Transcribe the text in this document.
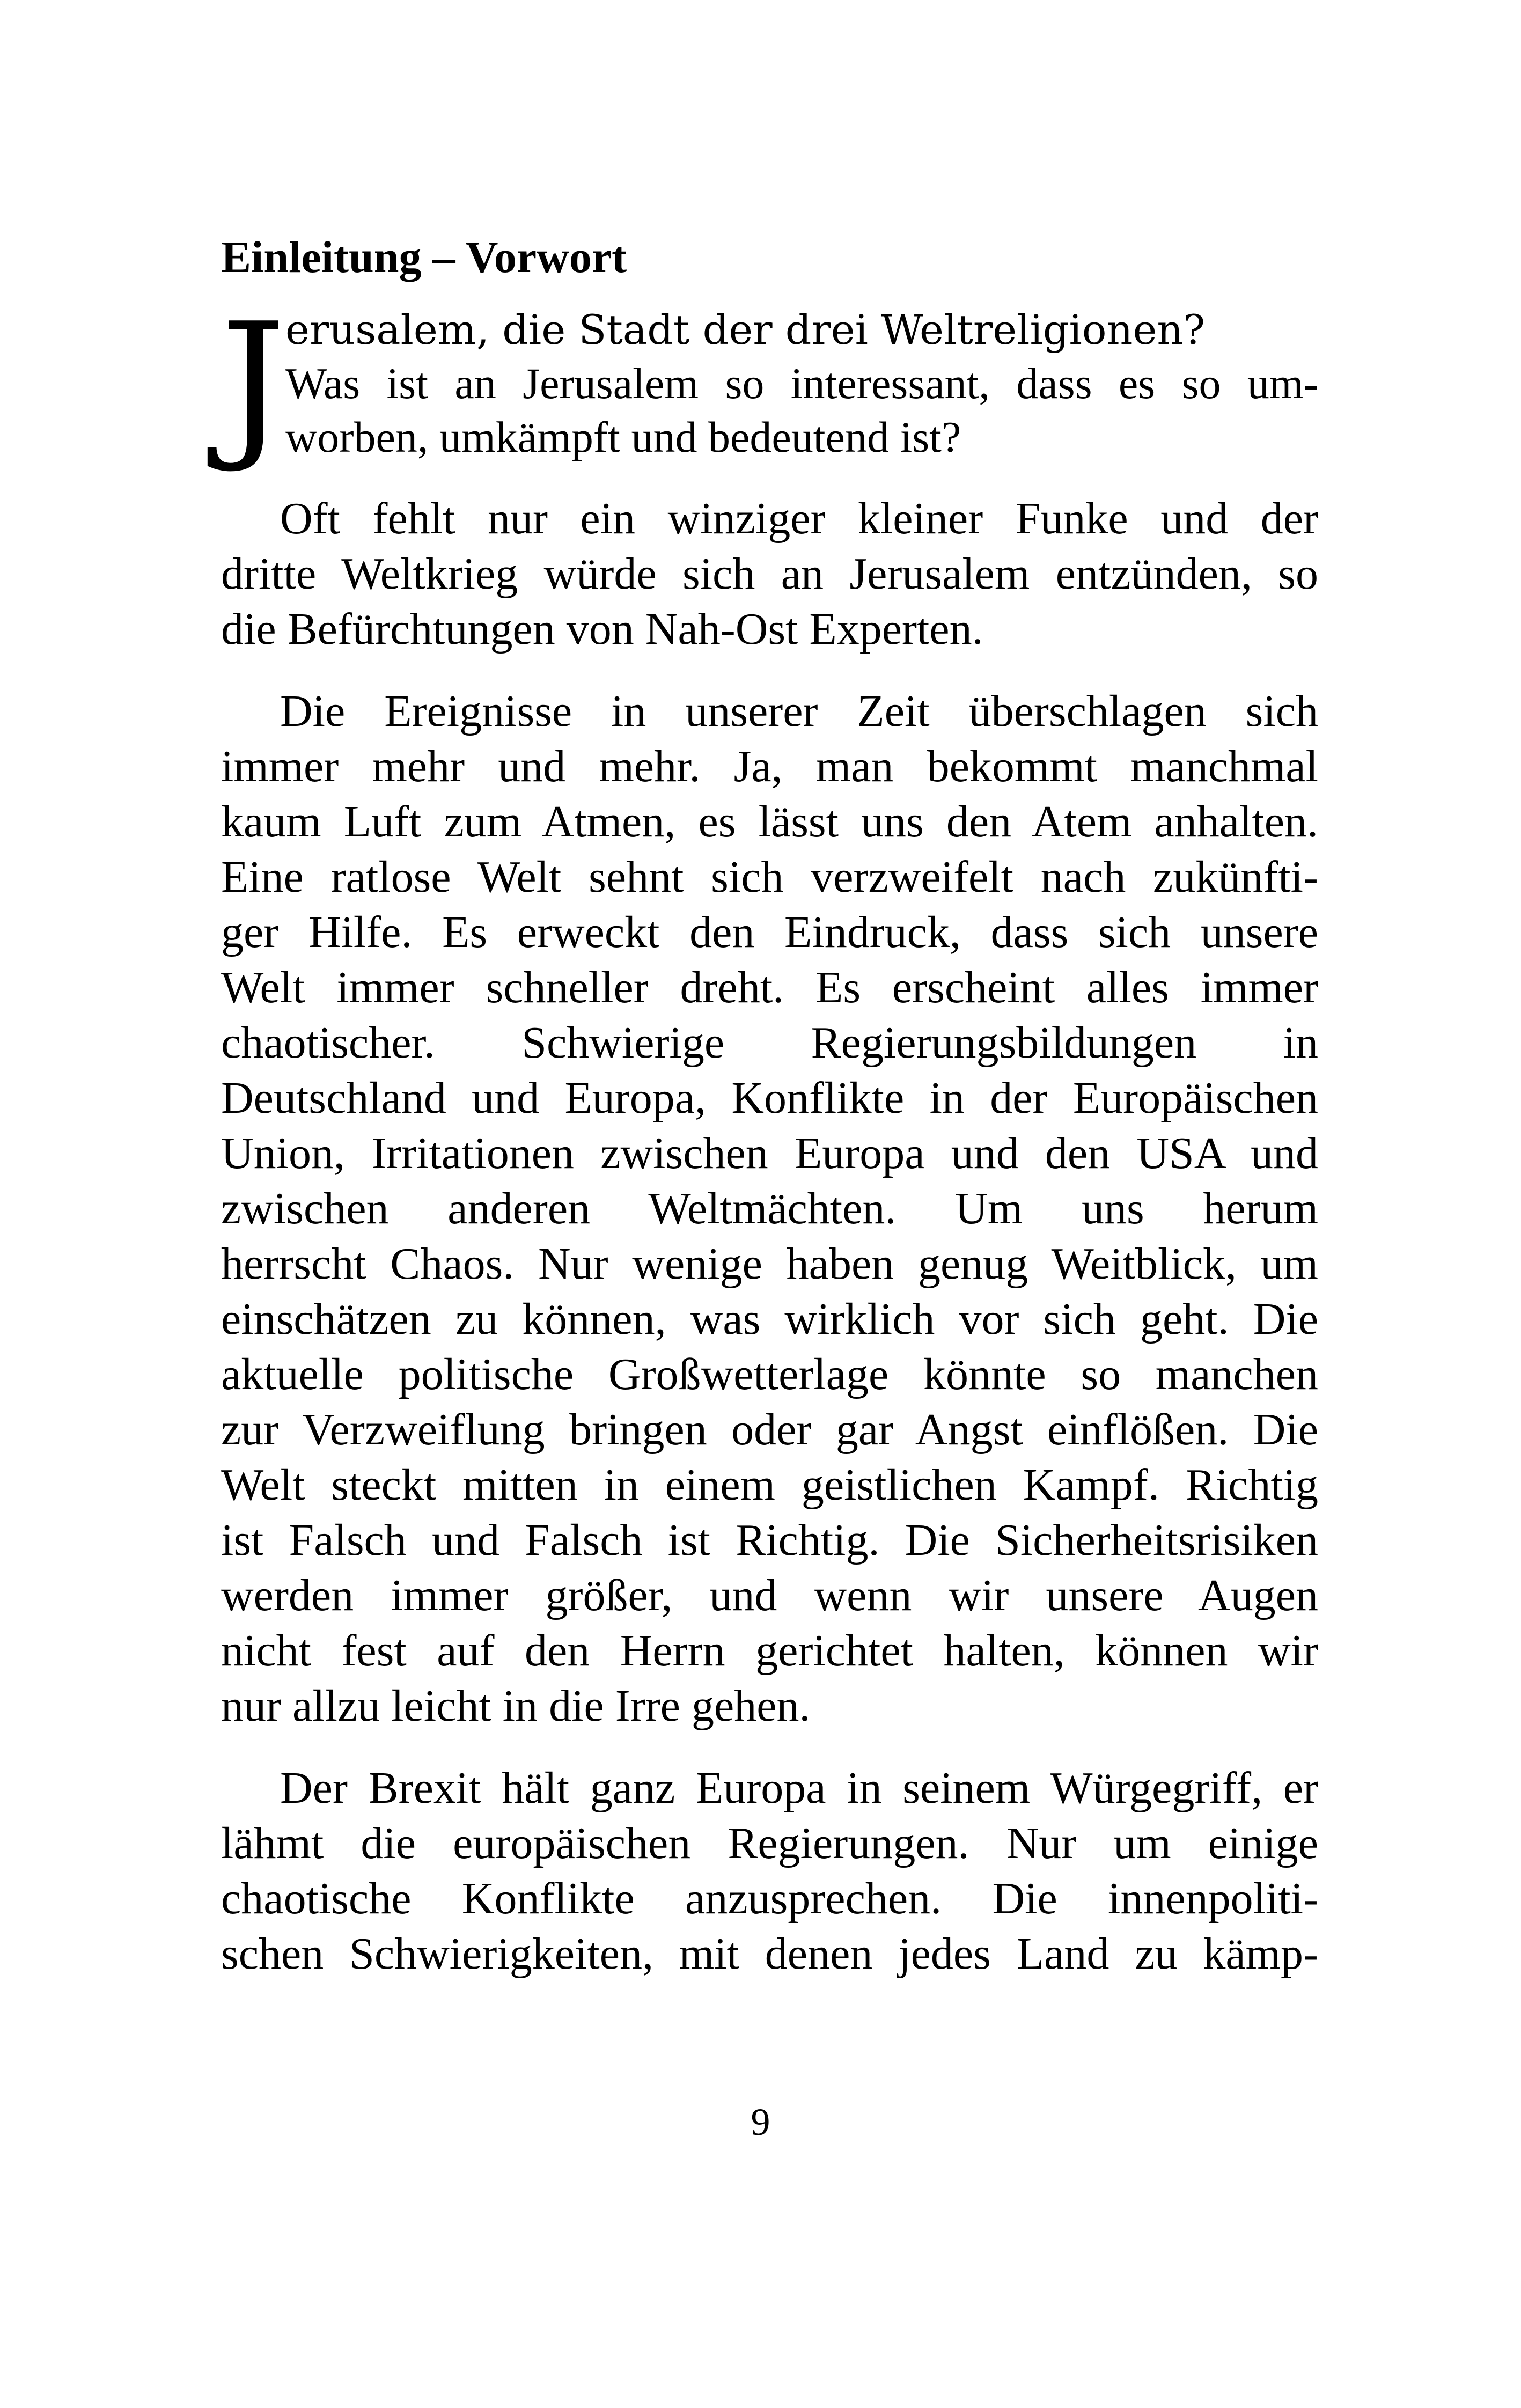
Einleitung – Vorwort
J erusalem, die Stadt der drei Weltreligionen?
Was ist an Jerusalem so interessant, dass es so um-
worben, umkämpft und bedeutend ist?
Oft fehlt nur ein winziger kleiner Funke und der
dritte Weltkrieg würde sich an Jerusalem entzünden, so
die Befürchtungen von Nah-Ost Experten.
Die Ereignisse in unserer Zeit überschlagen sich
immer mehr und mehr. Ja, man bekommt manchmal
kaum Luft zum Atmen, es lässt uns den Atem anhalten.
Eine ratlose Welt sehnt sich verzweifelt nach zukünfti-
ger Hilfe. Es erweckt den Eindruck, dass sich unsere
Welt immer schneller dreht. Es erscheint alles immer
chaotischer. Schwierige Regierungsbildungen in
Deutschland und Europa, Konflikte in der Europäischen
Union, Irritationen zwischen Europa und den USA und
zwischen anderen Weltmächten. Um uns herum
herrscht Chaos. Nur wenige haben genug Weitblick, um
einschätzen zu können, was wirklich vor sich geht. Die
aktuelle politische Großwetterlage könnte so manchen
zur Verzweiflung bringen oder gar Angst einflößen. Die
Welt steckt mitten in einem geistlichen Kampf. Richtig
ist Falsch und Falsch ist Richtig. Die Sicherheitsrisiken
werden immer größer, und wenn wir unsere Augen
nicht fest auf den Herrn gerichtet halten, können wir
nur allzu leicht in die Irre gehen.
Der Brexit hält ganz Europa in seinem Würgegriff, er
lähmt die europäischen Regierungen. Nur um einige
chaotische Konflikte anzusprechen. Die innenpoliti-
schen Schwierigkeiten, mit denen jedes Land zu kämp-
9
